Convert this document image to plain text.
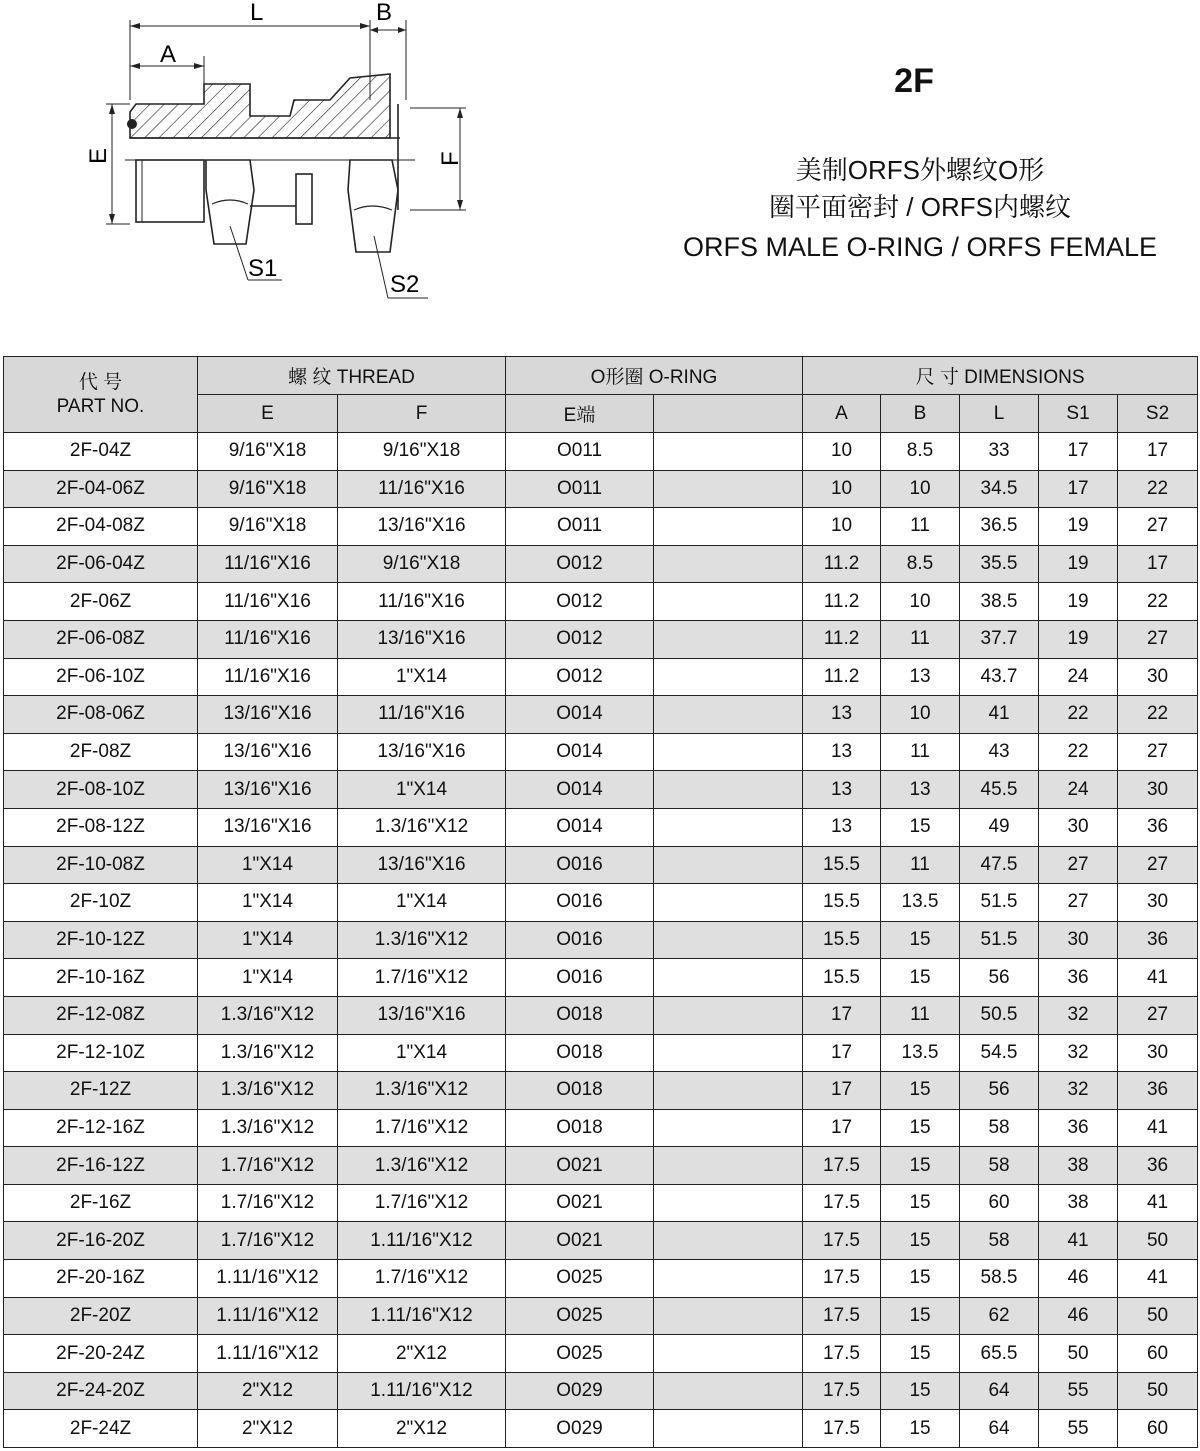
L	B
A
E	F
S1
S2
2F
美制ORFS外螺纹O形
圈平面密封 / ORFS内螺纹
ORFS MALE O-RING / ORFS FEMALE
代 号
PART NO.	螺 纹 THREAD		O形圈 O-RING		尺 寸 DIMENSIONS				
	E	F	E端		A	B	L	S1	S2
2F-04Z	9/16"X18	9/16"X18	O011		10	8.5	33	17	17
2F-04-06Z	9/16"X18	11/16"X16	O011		10	10	34.5	17	22
2F-04-08Z	9/16"X18	13/16"X16	O011		10	11	36.5	19	27
2F-06-04Z	11/16"X16	9/16"X18	O012		11.2	8.5	35.5	19	17
2F-06Z	11/16"X16	11/16"X16	O012		11.2	10	38.5	19	22
2F-06-08Z	11/16"X16	13/16"X16	O012		11.2	11	37.7	19	27
2F-06-10Z	11/16"X16	1"X14	O012		11.2	13	43.7	24	30
2F-08-06Z	13/16"X16	11/16"X16	O014		13	10	41	22	22
2F-08Z	13/16"X16	13/16"X16	O014		13	11	43	22	27
2F-08-10Z	13/16"X16	1"X14	O014		13	13	45.5	24	30
2F-08-12Z	13/16"X16	1.3/16"X12	O014		13	15	49	30	36
2F-10-08Z	1"X14	13/16"X16	O016		15.5	11	47.5	27	27
2F-10Z	1"X14	1"X14	O016		15.5	13.5	51.5	27	30
2F-10-12Z	1"X14	1.3/16"X12	O016		15.5	15	51.5	30	36
2F-10-16Z	1"X14	1.7/16"X12	O016		15.5	15	56	36	41
2F-12-08Z	1.3/16"X12	13/16"X16	O018		17	11	50.5	32	27
2F-12-10Z	1.3/16"X12	1"X14	O018		17	13.5	54.5	32	30
2F-12Z	1.3/16"X12	1.3/16"X12	O018		17	15	56	32	36
2F-12-16Z	1.3/16"X12	1.7/16"X12	O018		17	15	58	36	41
2F-16-12Z	1.7/16"X12	1.3/16"X12	O021		17.5	15	58	38	36
2F-16Z	1.7/16"X12	1.7/16"X12	O021		17.5	15	60	38	41
2F-16-20Z	1.7/16"X12	1.11/16"X12	O021		17.5	15	58	41	50
2F-20-16Z	1.11/16"X12	1.7/16"X12	O025		17.5	15	58.5	46	41
2F-20Z	1.11/16"X12	1.11/16"X12	O025		17.5	15	62	46	50
2F-20-24Z	1.11/16"X12	2"X12	O025		17.5	15	65.5	50	60
2F-24-20Z	2"X12	1.11/16"X12	O029		17.5	15	64	55	50
2F-24Z	2"X12	2"X12	O029		17.5	15	64	55	60
